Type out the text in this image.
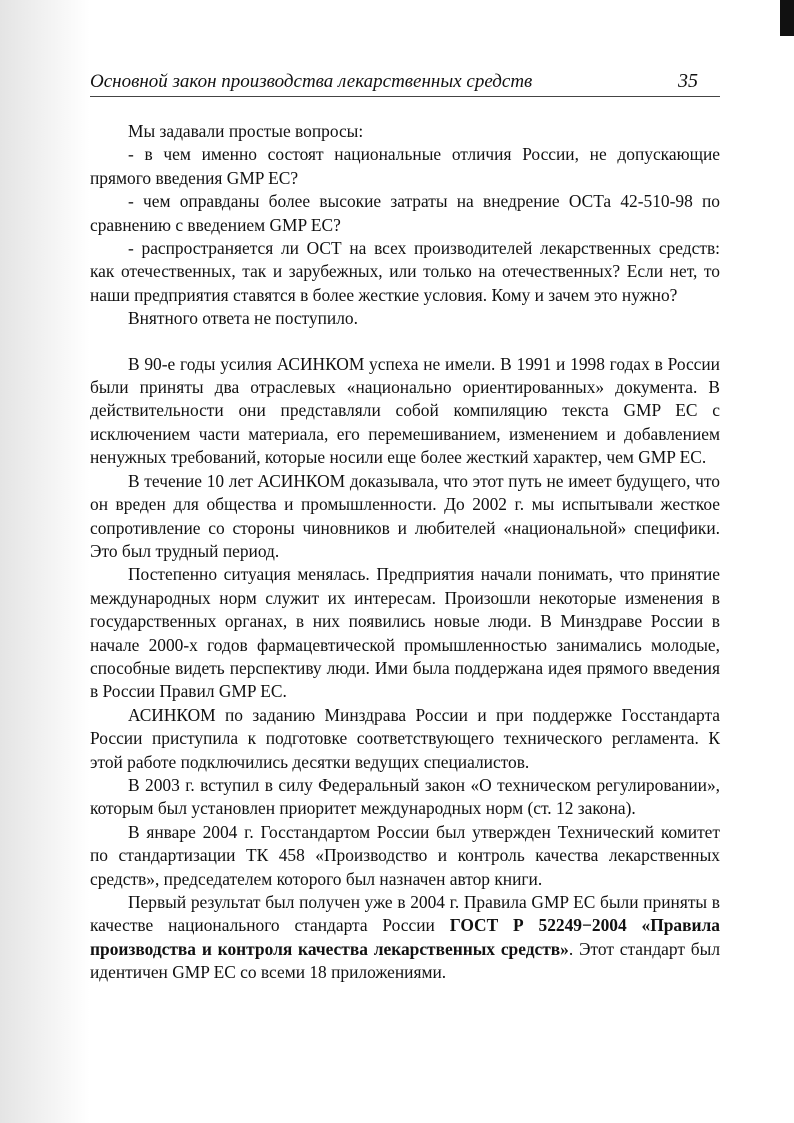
Основной закон производства лекарственных средств	35

Мы задавали простые вопросы:

- в чем именно состоят национальные отличия России, не допускающие прямого введения GMP ЕС?

- чем оправданы более высокие затраты на внедрение ОСТа 42-510-98 по сравнению с введением GMP ЕС?

- распространяется ли ОСТ на всех производителей лекарственных средств: как отечественных, так и зарубежных, или только на отечественных? Если нет, то наши предприятия ставятся в более жесткие условия. Кому и зачем это нужно?

Внятного ответа не поступило.

В 90-е годы усилия АСИНКОМ успеха не имели. В 1991 и 1998 годах в России были приняты два отраслевых «национально ориентированных» документа. В действительности они представляли собой компиляцию текста GMP ЕС с исключением части материала, его перемешиванием, изменением и добавлением ненужных требований, которые носили еще более жесткий характер, чем GMP ЕС.

В течение 10 лет АСИНКОМ доказывала, что этот путь не имеет будущего, что он вреден для общества и промышленности. До 2002 г. мы испытывали жесткое сопротивление со стороны чиновников и любителей «национальной» специфики. Это был трудный период.

Постепенно ситуация менялась. Предприятия начали понимать, что принятие международных норм служит их интересам. Произошли некоторые изменения в государственных органах, в них появились новые люди. В Минздраве России в начале 2000-х годов фармацевтической промышленностью занимались молодые, способные видеть перспективу люди. Ими была поддержана идея прямого введения в России Правил GMP ЕС.

АСИНКОМ по заданию Минздрава России и при поддержке Госстандарта России приступила к подготовке соответствующего технического регламента. К этой работе подключились десятки ведущих специалистов.

В 2003 г. вступил в силу Федеральный закон «О техническом регулировании», которым был установлен приоритет международных норм (ст. 12 закона).

В январе 2004 г. Госстандартом России был утвержден Технический комитет по стандартизации ТК 458 «Производство и контроль качества лекарственных средств», председателем которого был назначен автор книги.

Первый результат был получен уже в 2004 г. Правила GMP ЕС были приняты в качестве национального стандарта России ГОСТ Р 52249−2004 «Правила производства и контроля качества лекарственных средств». Этот стандарт был идентичен GMP ЕС со всеми 18 приложениями.
